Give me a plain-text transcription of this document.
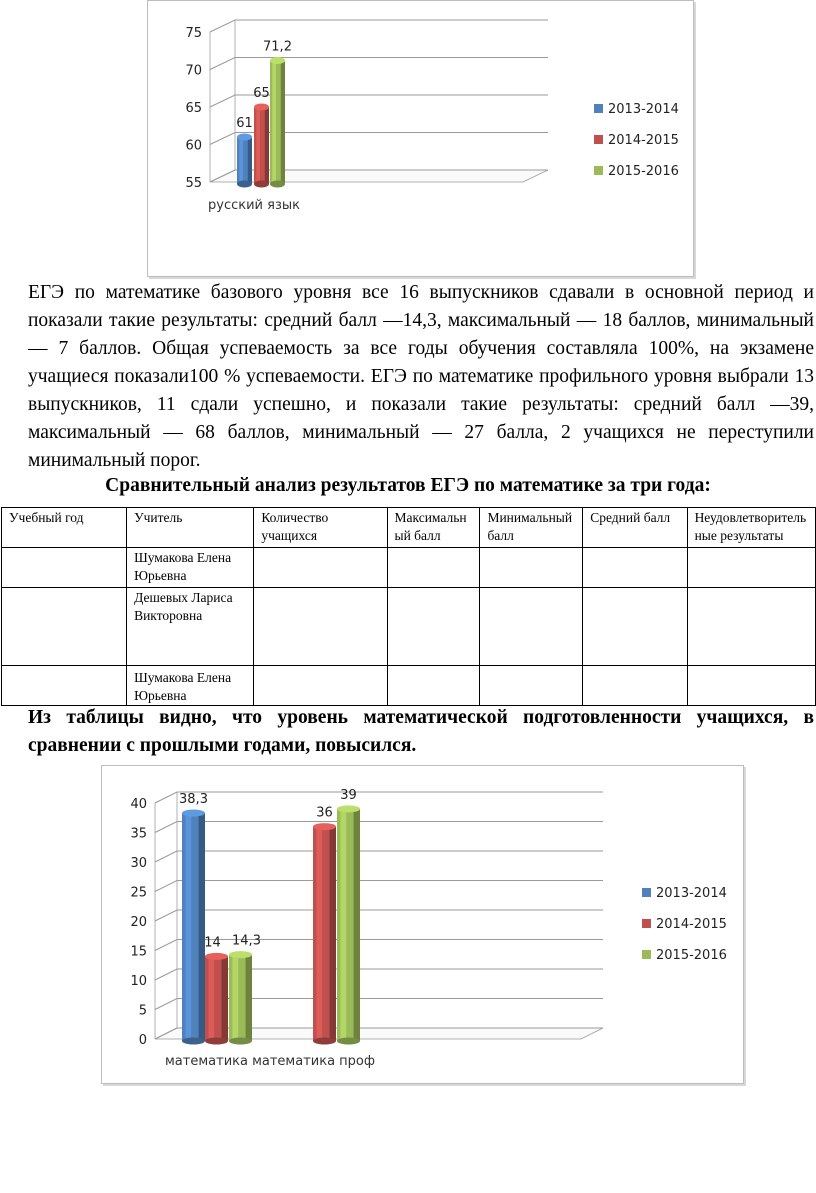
55
60
65
70
75
61
65
71,2
русский язык
2013-2014
2014-2015
2015-2016
ЕГЭ по математике базового уровня все 16 выпускников сдавали в основной период и показали такие результаты: средний балл —14,3, максимальный — 18 баллов, минимальный — 7 баллов. Общая успеваемость за все годы обучения составляла 100%, на экзамене учащиеся показали100 % успеваемости. ЕГЭ по математике профильного уровня выбрали 13 выпускников, 11 сдали успешно, и показали такие результаты: средний балл —39, максимальный — 68 баллов, минимальный — 27 балла, 2 учащихся не переступили минимальный порог.
Сравнительный анализ результатов ЕГЭ по математике за три года:
Учебный год	Учитель	Количество учащихся	Максимальный балл	Минимальный балл	Средний балл	Неудовлетворительные результаты
	Шумакова Елена Юрьевна					
	Дешевых Лариса Викторовна					
	Шумакова Елена Юрьевна					
Из таблицы видно, что уровень математической подготовленности учащихся, в сравнении с прошлыми годами, повысился.
0
5
10
15
20
25
30
35
40 38,3
14 14,3
36
39
математика математика проф
2013-2014
2014-2015
2015-2016
